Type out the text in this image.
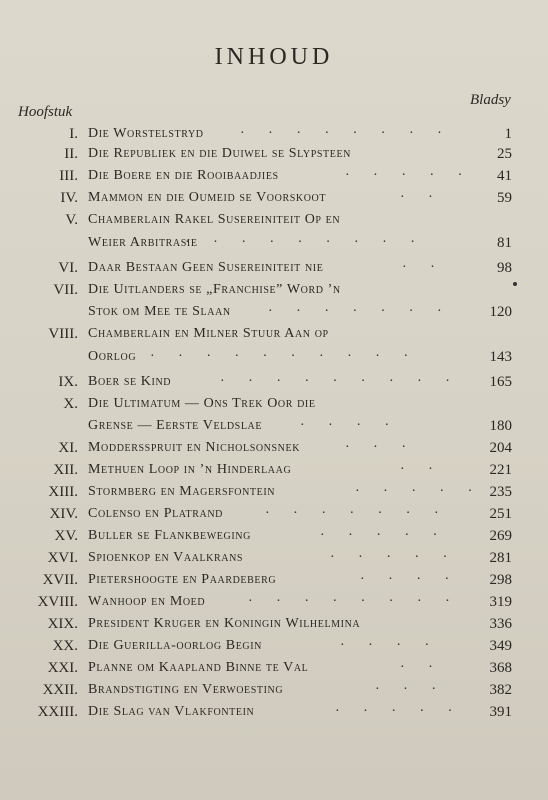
INHOUD
Bladsy
Hoofstuk
I. Die Worstelstryd	· · · · · · · ·	1
II. Die Republiek en die Duiwel se Slypsteen	25
III. Die Boere en die Rooibaadjies	· · · · ·	41
IV. Mammon en die Oumeid se Voorskoot	· ·	59
V. Chamberlain Rakel Susereiniteit Op en
Weier Arbitrasie
· · · · · · · · ·	81
VI. Daar Bestaan Geen Susereiniteit nie	· ·	98
VII. Die Uitlanders se „Franchise” Word ’n
Stok om Mee te Slaan	· · · · · · ·	120
VIII. Chamberlain en Milner Stuur Aan op
Oorlog · · · · · · · · · ·	143
IX. Boer se Kind	· · · · · · · · ·	165
X. Die Ultimatum — Ons Trek Oor die
Grense — Eerste Veldslae	· · · ·	180
XI. Moddersspruit en Nicholsonsnek	· · ·	204
XII. Methuen Loop in ’n Hinderlaag	· ·	221
XIII. Stormberg en Magersfontein	· · · · · 235
XIV. Colenso en Platrand	· · · · · · ·	251
XV. Buller se Flankbeweging	· · · · ·	269
XVI. Spioenkop en Vaalkrans	· · · · ·	281
XVII. Pietershoogte en Paardeberg	· · · ·	298
XVIII. Wanhoop en Moed	· · · · · · · ·	319
XIX. President Kruger en Koningin Wilhelmina	336
XX. Die Guerilla-oorlog Begin	· · · ·	349
XXI. Planne om Kaapland Binne te Val	· ·	368
XXII. Brandstigting en Verwoesting	· · ·	382
XXIII. Die Slag van Vlakfontein	· · · · ·	391
